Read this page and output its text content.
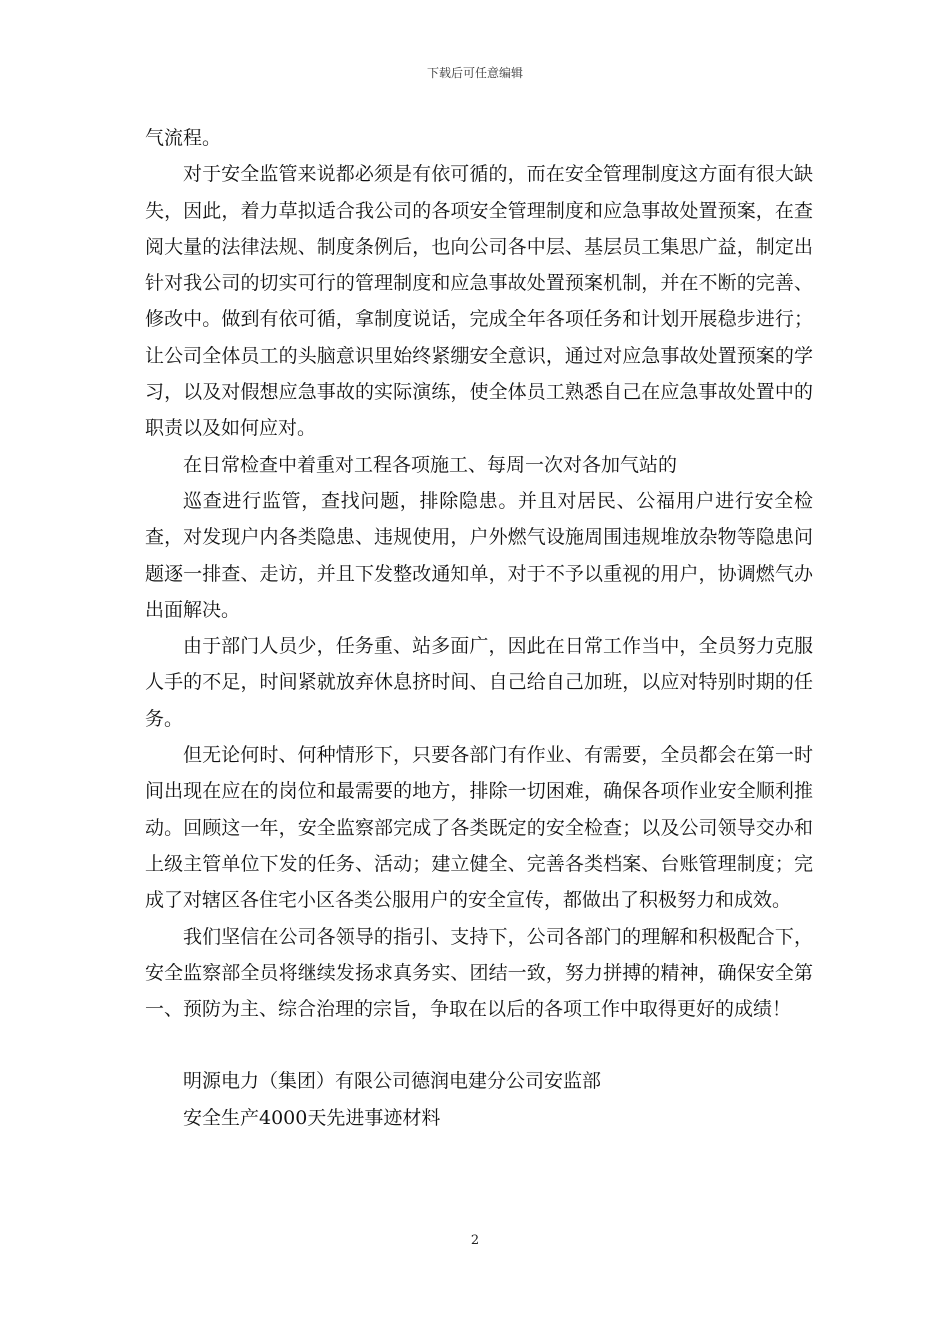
下载后可任意编辑

气流程。

对于安全监管来说都必须是有依可循的，而在安全管理制度这方面有很大缺失，因此，着力草拟适合我公司的各项安全管理制度和应急事故处置预案，在查阅大量的法律法规、制度条例后，也向公司各中层、基层员工集思广益，制定出针对我公司的切实可行的管理制度和应急事故处置预案机制，并在不断的完善、修改中。做到有依可循，拿制度说话，完成全年各项任务和计划开展稳步进行；让公司全体员工的头脑意识里始终紧绷安全意识，通过对应急事故处置预案的学习，以及对假想应急事故的实际演练，使全体员工熟悉自己在应急事故处置中的职责以及如何应对。

在日常检查中着重对工程各项施工、每周一次对各加气站的

巡查进行监管，查找问题，排除隐患。并且对居民、公福用户进行安全检查，对发现户内各类隐患、违规使用，户外燃气设施周围违规堆放杂物等隐患问题逐一排查、走访，并且下发整改通知单，对于不予以重视的用户，协调燃气办出面解决。

由于部门人员少，任务重、站多面广，因此在日常工作当中，全员努力克服人手的不足，时间紧就放弃休息挤时间、自己给自己加班，以应对特别时期的任务。

但无论何时、何种情形下，只要各部门有作业、有需要，全员都会在第一时间出现在应在的岗位和最需要的地方，排除一切困难，确保各项作业安全顺利推动。回顾这一年，安全监察部完成了各类既定的安全检查；以及公司领导交办和上级主管单位下发的任务、活动；建立健全、完善各类档案、台账管理制度；完成了对辖区各住宅小区各类公服用户的安全宣传，都做出了积极努力和成效。

我们坚信在公司各领导的指引、支持下，公司各部门的理解和积极配合下，安全监察部全员将继续发扬求真务实、团结一致，努力拼搏的精神，确保安全第一、预防为主、综合治理的宗旨，争取在以后的各项工作中取得更好的成绩！

明源电力（集团）有限公司德润电建分公司安监部

安全生产4000天先进事迹材料

2
